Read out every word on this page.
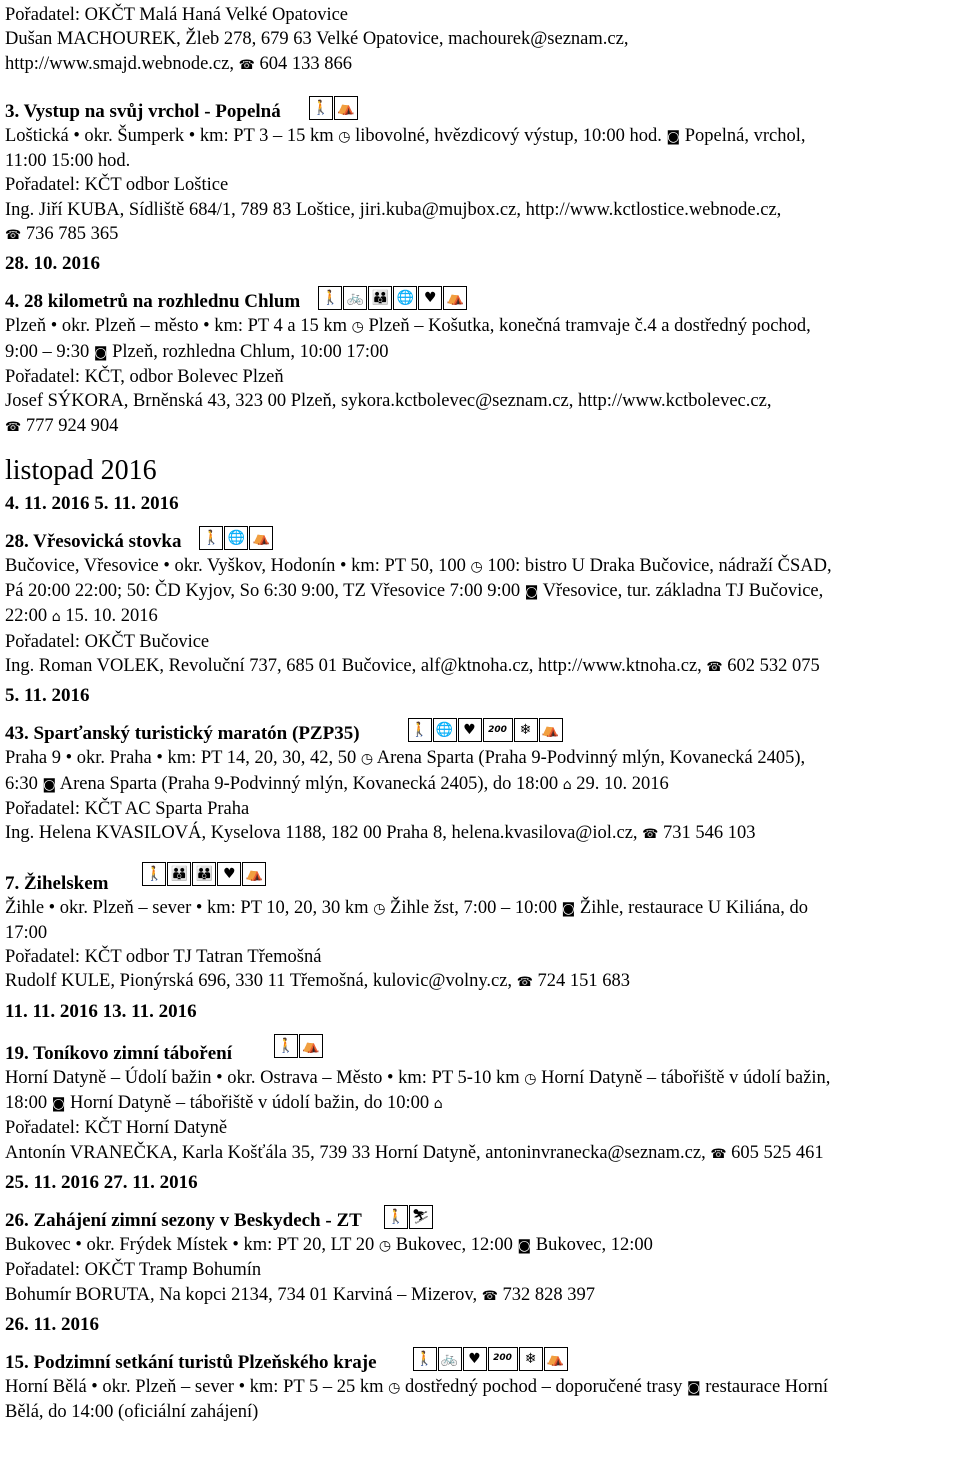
Pořadatel: OKČT Malá Haná Velké Opatovice
Dušan MACHOUREK, Žleb 278, 679 63 Velké Opatovice, machourek@seznam.cz,
http://www.smajd.webnode.cz, ☎ 604 133 866
3. Vystup na svůj vrchol - Popelná 🚶 ⛺
Loštická • okr. Šumperk • km: PT 3 – 15 km ◷ libovolné, hvězdicový výstup, 10:00 hod. ◙ Popelná, vrchol,
11:00 15:00 hod.
Pořadatel: KČT odbor Loštice
Ing. Jiří KUBA, Sídliště 684/1, 789 83 Loštice, jiri.kuba@mujbox.cz, http://www.kctlostice.webnode.cz,
☎ 736 785 365
28. 10. 2016
4. 28 kilometrů na rozhlednu Chlum 🚶 🚲 👪 🌐 ♥ ⛺
Plzeň • okr. Plzeň – město • km: PT 4 a 15 km ◷ Plzeň – Košutka, konečná tramvaje č.4 a dostředný pochod,
9:00 – 9:30 ◙ Plzeň, rozhledna Chlum, 10:00 17:00
Pořadatel: KČT, odbor Bolevec Plzeň
Josef SÝKORA, Brněnská 43, 323 00 Plzeň, sykora.kctbolevec@seznam.cz, http://www.kctbolevec.cz,
☎ 777 924 904
listopad 2016
4. 11. 2016 5. 11. 2016
28. Vřesovická stovka 🚶 🌐 ⛺
Bučovice, Vřesovice • okr. Vyškov, Hodonín • km: PT 50, 100 ◷ 100: bistro U Draka Bučovice, nádraží ČSAD,
Pá 20:00 22:00; 50: ČD Kyjov, So 6:30 9:00, TZ Vřesovice 7:00 9:00 ◙ Vřesovice, tur. základna TJ Bučovice,
22:00 ⌂ 15. 10. 2016
Pořadatel: OKČT Bučovice
Ing. Roman VOLEK, Revoluční 737, 685 01 Bučovice, alf@ktnoha.cz, http://www.ktnoha.cz, ☎ 602 532 075
5. 11. 2016
43. Sparťanský turistický maratón (PZP35)	🚶 🌐 ♥	200 ❄ ⛺
Praha 9 • okr. Praha • km: PT 14, 20, 30, 42, 50 ◷ Arena Sparta (Praha 9-Podvinný mlýn, Kovanecká 2405),
6:30 ◙ Arena Sparta (Praha 9-Podvinný mlýn, Kovanecká 2405), do 18:00 ⌂ 29. 10. 2016
Pořadatel: KČT AC Sparta Praha
Ing. Helena KVASILOVÁ, Kyselova 1188, 182 00 Praha 8, helena.kvasilova@iol.cz, ☎ 731 546 103
7. Žihelskem	🚶 👪 👪 ♥ ⛺
Žihle • okr. Plzeň – sever • km: PT 10, 20, 30 km ◷ Žihle žst, 7:00 – 10:00 ◙ Žihle, restaurace U Kiliána, do
17:00
Pořadatel: KČT odbor TJ Tatran Třemošná
Rudolf KULE, Pionýrská 696, 330 11 Třemošná, kulovic@volny.cz, ☎ 724 151 683
11. 11. 2016 13. 11. 2016
19. Toníkovo zimní táboření	🚶 ⛺
Horní Datyně – Údolí bažin • okr. Ostrava – Město • km: PT 5-10 km ◷ Horní Datyně – tábořiště v údolí bažin,
18:00 ◙ Horní Datyně – tábořiště v údolí bažin, do 10:00 ⌂
Pořadatel: KČT Horní Datyně
Antonín VRANEČKA, Karla Košťála 35, 739 33 Horní Datyně, antoninvranecka@seznam.cz, ☎ 605 525 461
25. 11. 2016 27. 11. 2016
26. Zahájení zimní sezony v Beskydech - ZT 🚶 ⛷
Bukovec • okr. Frýdek Místek • km: PT 20, LT 20 ◷ Bukovec, 12:00 ◙ Bukovec, 12:00
Pořadatel: OKČT Tramp Bohumín
Bohumír BORUTA, Na kopci 2134, 734 01 Karviná – Mizerov, ☎ 732 828 397
26. 11. 2016
15. Podzimní setkání turistů Plzeňského kraje	🚶 🚲 ♥	200 ❄ ⛺
Horní Bělá • okr. Plzeň – sever • km: PT 5 – 25 km ◷ dostředný pochod – doporučené trasy ◙ restaurace Horní
Bělá, do 14:00 (oficiální zahájení)
